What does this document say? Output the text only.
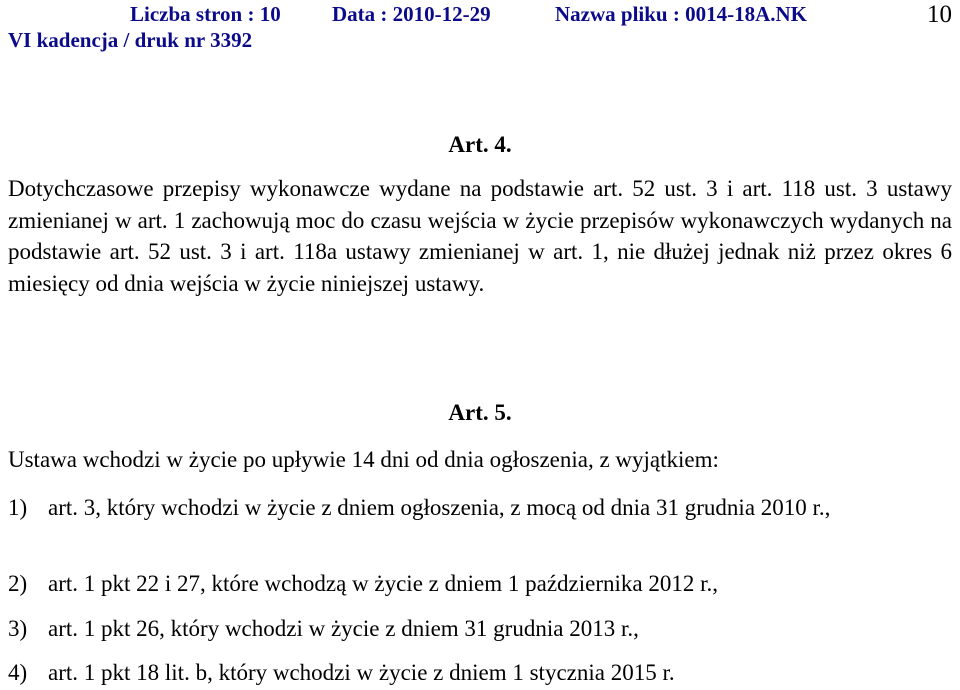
Liczba stron : 10 Data : 2010-12-29	Nazwa pliku : 0014-18A.NK
VI kadencja / druk nr 3392
10
Art. 4.
Dotychczasowe przepisy wykonawcze wydane na podstawie art. 52 ust. 3 i art. 118 ust. 3 ustawy zmienianej w art. 1 zachowują moc do czasu wejścia w życie przepisów wykonawczych wydanych na podstawie art. 52 ust. 3 i art. 118a ustawy zmienianej w art. 1, nie dłużej jednak niż przez okres 6 miesięcy od dnia wejścia w życie niniejszej ustawy.
Art. 5.
Ustawa wchodzi w życie po upływie 14 dni od dnia ogłoszenia, z wyjątkiem:
1) art. 3, który wchodzi w życie z dniem ogłoszenia, z mocą od dnia 31 grudnia 2010 r.,
2) art. 1 pkt 22 i 27, które wchodzą w życie z dniem 1 października 2012 r.,
3) art. 1 pkt 26, który wchodzi w życie z dniem 31 grudnia 2013 r.,
4) art. 1 pkt 18 lit. b, który wchodzi w życie z dniem 1 stycznia 2015 r.
